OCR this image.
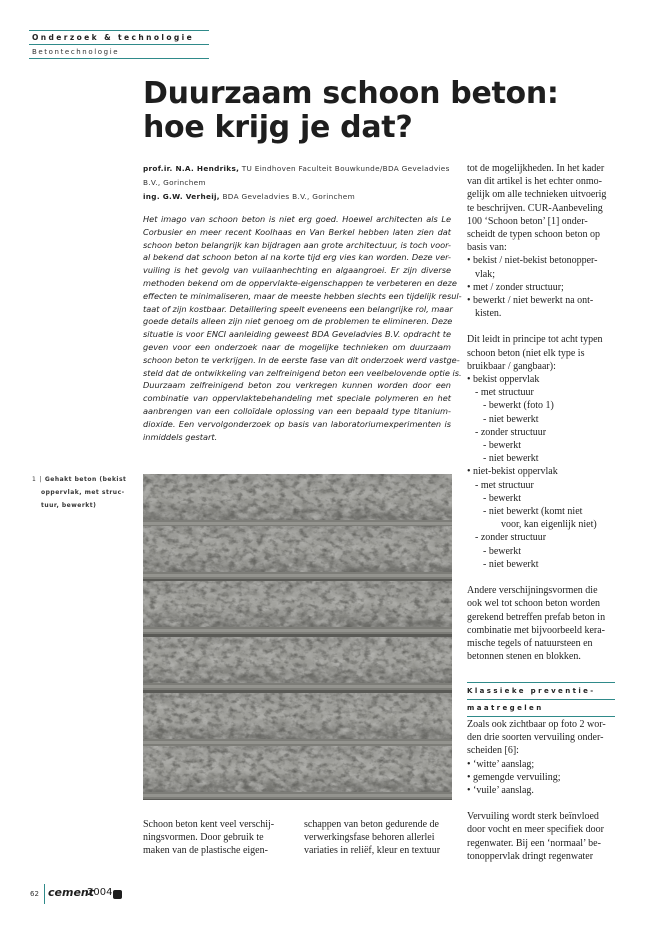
Onderzoek & technologie
Betontechnologie
Duurzaam schoon beton:
hoe krijg je dat?
prof.ir. N.A. Hendriks, TU Eindhoven Faculteit Bouwkunde/BDA Geveladvies
B.V., Gorinchem
ing. G.W. Verheij, BDA Geveladvies B.V., Gorinchem
Het imago van schoon beton is niet erg goed. Hoewel architecten als Le
Corbusier en meer recent Koolhaas en Van Berkel hebben laten zien dat
schoon beton belangrijk kan bijdragen aan grote architectuur, is toch voor-
al bekend dat schoon beton al na korte tijd erg vies kan worden. Deze ver-
vuiling is het gevolg van vuilaanhechting en algaangroei. Er zijn diverse
methoden bekend om de oppervlakte-eigenschappen te verbeteren en deze
effecten te minimaliseren, maar de meeste hebben slechts een tijdelijk resul-
taat of zijn kostbaar. Detaillering speelt eveneens een belangrijke rol, maar
goede details alleen zijn niet genoeg om de problemen te elimineren. Deze
situatie is voor ENCI aanleiding geweest BDA Geveladvies B.V. opdracht te
geven voor een onderzoek naar de mogelijke technieken om duurzaam
schoon beton te verkrijgen. In de eerste fase van dit onderzoek werd vastge-
steld dat de ontwikkeling van zelfreinigend beton een veelbelovende optie is.
Duurzaam zelfreinigend beton zou verkregen kunnen worden door een
combinatie van oppervlaktebehandeling met speciale polymeren en het
aanbrengen van een colloïdale oplossing van een bepaald type titanium-
dioxide. Een vervolgonderzoek op basis van laboratoriumexperimenten is
inmiddels gestart.
1 | Gehakt beton (bekist
oppervlak, met struc-
tuur, bewerkt)
Schoon beton kent veel verschij-
ningsvormen. Door gebruik te
maken van de plastische eigen-
schappen van beton gedurende de
verwerkingsfase behoren allerlei
variaties in reliëf, kleur en textuur
tot de mogelijkheden. In het kader
van dit artikel is het echter onmo-
gelijk om alle technieken uitvoerig
te beschrijven. CUR-Aanbeveling
100 ‘Schoon beton’ [1] onder-
scheidt de typen schoon beton op
basis van:
• bekist / niet-bekist betonopper-
vlak;
• met / zonder structuur;
• bewerkt / niet bewerkt na ont-
kisten.
Dit leidt in principe tot acht typen
schoon beton (niet elk type is
bruikbaar / gangbaar):
• bekist oppervlak
- met structuur
- bewerkt (foto 1)
- niet bewerkt
- zonder structuur
- bewerkt
- niet bewerkt
• niet-bekist oppervlak
- met structuur
- bewerkt
- niet bewerkt (komt niet
voor, kan eigenlijk niet)
- zonder structuur
- bewerkt
- niet bewerkt
Andere verschijningsvormen die
ook wel tot schoon beton worden
gerekend betreffen prefab beton in
combinatie met bijvoorbeeld kera-
mische tegels of natuursteen en
betonnen stenen en blokken.
Klassieke preventie-
maatregelen
Zoals ook zichtbaar op foto 2 wor-
den drie soorten vervuiling onder-
scheiden [6]:
• ‘witte’ aanslag;
• gemengde vervuiling;
• ‘vuile’ aanslag.
Vervuiling wordt sterk beïnvloed
door vocht en meer specifiek door
regenwater. Bij een ‘normaal’ be-
tonoppervlak dringt regenwater
62 cement
2004
